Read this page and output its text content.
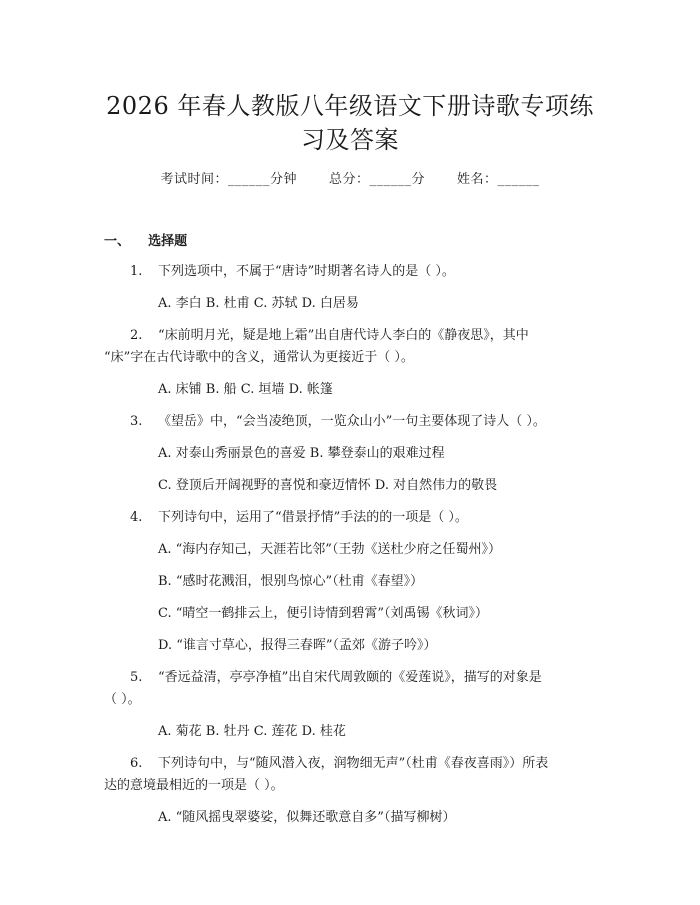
2026 年春人教版八年级语文下册诗歌专项练
习及答案
考试时间：______分钟 总分：______分 姓名：______
一、 选择题
1. 下列选项中，不属于“唐诗”时期著名诗人的是（ ）。
A. 李白 B. 杜甫 C. 苏轼 D. 白居易
2. “床前明月光，疑是地上霜”出自唐代诗人李白的《静夜思》，其中
“床”字在古代诗歌中的含义，通常认为更接近于（ ）。
A. 床铺 B. 船 C. 垣墙 D. 帐篷
3. 《望岳》中，“会当凌绝顶，一览众山小”一句主要体现了诗人（ ）。
A. 对泰山秀丽景色的喜爱 B. 攀登泰山的艰难过程
C. 登顶后开阔视野的喜悦和豪迈情怀 D. 对自然伟力的敬畏
4. 下列诗句中，运用了“借景抒情”手法的的一项是（ ）。
A. “海内存知己，天涯若比邻”（王勃《送杜少府之任蜀州》）
B. “感时花溅泪，恨别鸟惊心”（杜甫《春望》）
C. “晴空一鹤排云上，便引诗情到碧霄”（刘禹锡《秋词》）
D. “谁言寸草心，报得三春晖”（孟郊《游子吟》）
5. “香远益清，亭亭净植”出自宋代周敦颐的《爱莲说》，描写的对象是
（ ）。
A. 菊花 B. 牡丹 C. 莲花 D. 桂花
6. 下列诗句中，与“随风潜入夜，润物细无声”（杜甫《春夜喜雨》）所表
达的意境最相近的一项是（ ）。
A. “随风摇曳翠婆娑，似舞还歌意自多”（描写柳树）
